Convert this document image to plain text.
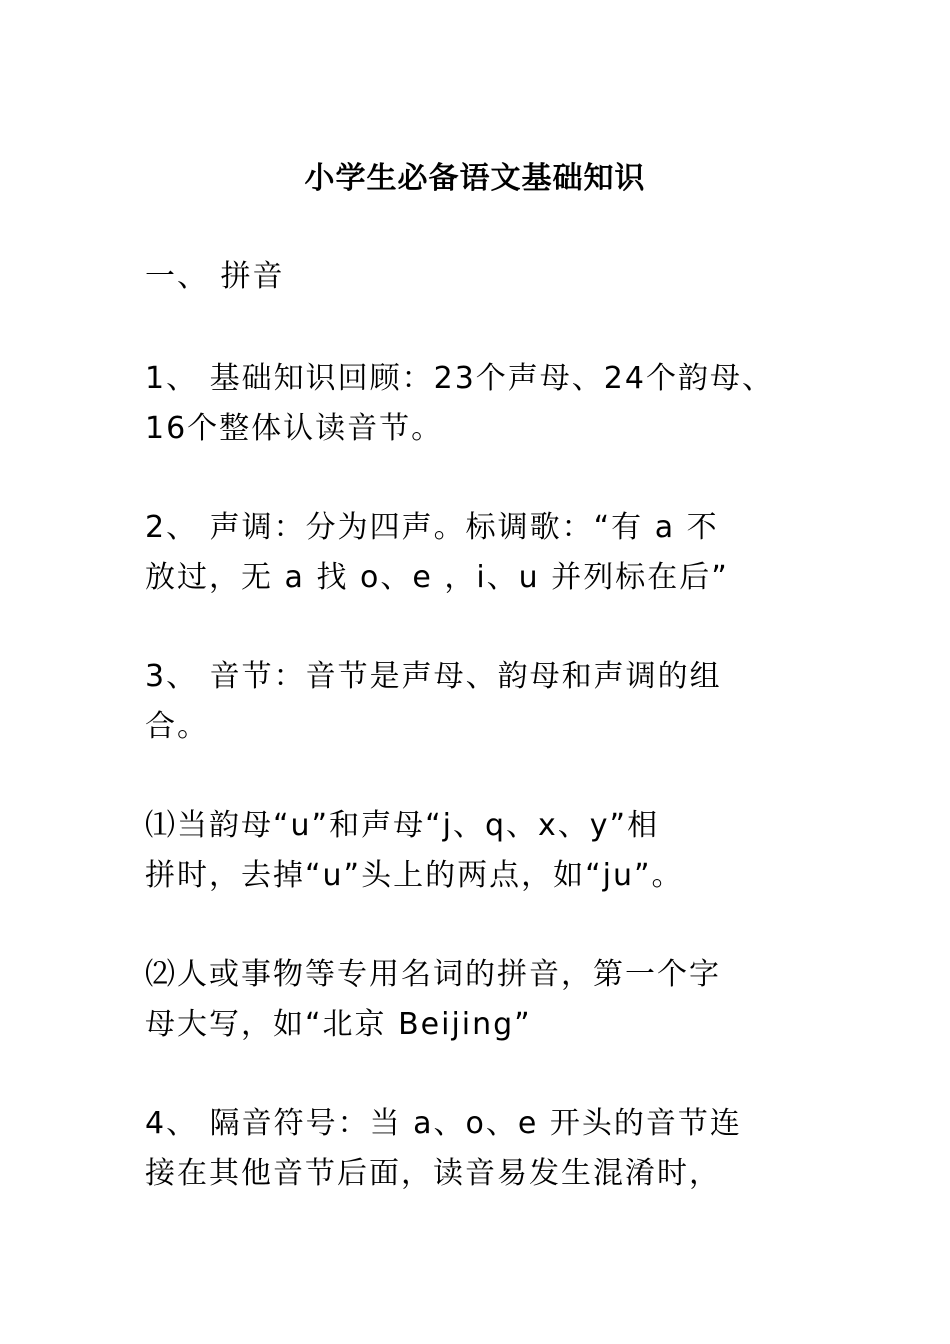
小学生必备语文基础知识
一、 拼音
1、 基础知识回顾：23个声母、24个韵母、
16个整体认读音节。
2、 声调：分为四声。标调歌：“有 a 不
放过，无 a 找 o、e ，i、u 并列标在后”
3、 音节：音节是声母、韵母和声调的组
合。
⑴当韵母“u”和声母“j、q、x、y”相
拼时，去掉“u”头上的两点，如“ju”。
⑵人或事物等专用名词的拼音，第一个字
母大写，如“北京 Beijing”
4、 隔音符号：当 a、o、e 开头的音节连
接在其他音节后面，读音易发生混淆时，
